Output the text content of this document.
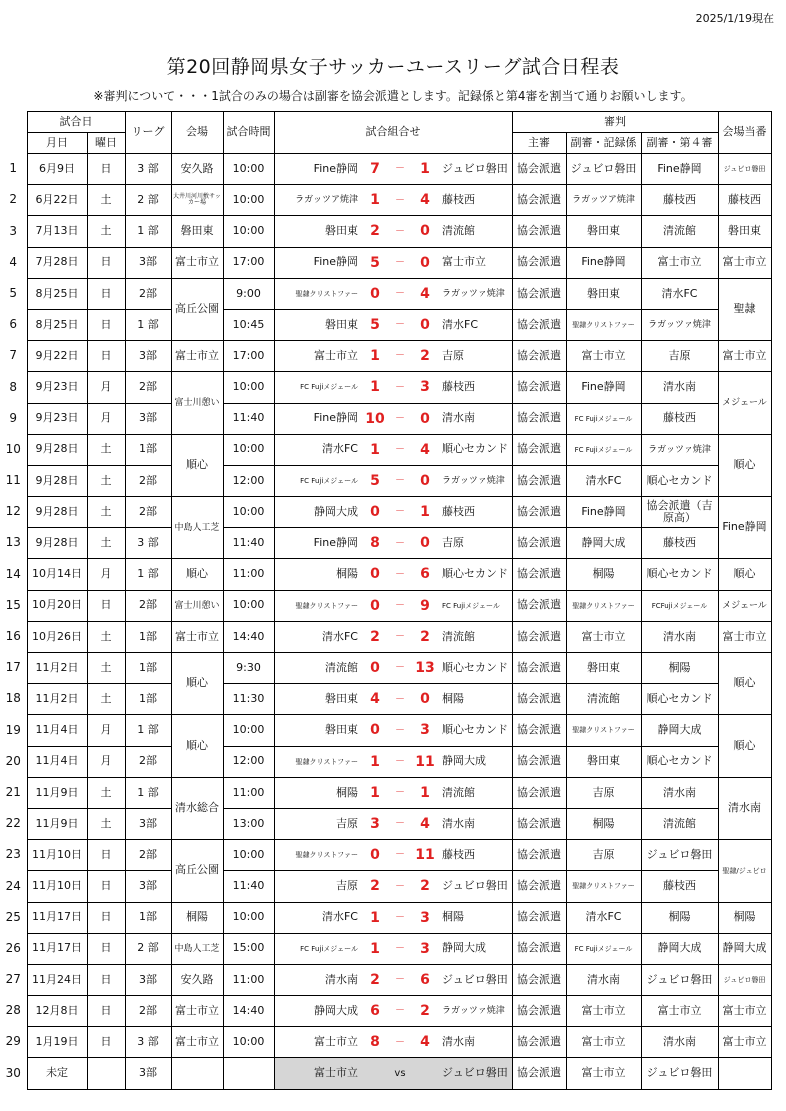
2025/1/19現在
第20回静岡県女子サッカーユースリーグ試合日程表
※審判について・・・1試合のみの場合は副審を協会派遣とします。記録係と第4審を割当て通りお願いします。
	試合日		リーグ	会場	試合時間	試合組合せ					審判			会場当番
	月日	曜日									主審	副審・記録係	副審・第４審	
1	6月9日	日	3 部	安久路	10:00	Fine静岡	7	－	1	ジュビロ磐田	協会派遣	ジュビロ磐田	Fine静岡	ジュビロ磐田
2	6月22日	土	2 部	大井川河川敷サッカー場	10:00	ラガッツア焼津	1	－	4	藤枝西	協会派遣	ラガッツア焼津	藤枝西	藤枝西
3	7月13日	土	1 部	磐田東	10:00	磐田東	2	－	0	清流館	協会派遣	磐田東	清流館	磐田東
4	7月28日	日	3部	富士市立	17:00	Fine静岡	5	－	0	富士市立	協会派遣	Fine静岡	富士市立	富士市立
5	8月25日	日	2部	高丘公園	9:00	聖隷クリストファー	0	－	4	ラガッツァ焼津	協会派遣	磐田東	清水FC	聖隷
6	8月25日	日	1 部		10:45	磐田東	5	－	0	清水FC	協会派遣	聖隷クリストファー	ラガッツァ焼津	
7	9月22日	日	3部	富士市立	17:00	富士市立	1	－	2	吉原	協会派遣	富士市立	吉原	富士市立
8	9月23日	月	2部	富士川憩い	10:00	FC Fujiメジェール	1	－	3	藤枝西	協会派遣	Fine静岡	清水南	メジェール
9	9月23日	月	3部		11:40	Fine静岡	10	－	0	清水南	協会派遣	FC Fujiメジェール	藤枝西	
10	9月28日	土	1部	順心	10:00	清水FC	1	－	4	順心セカンド	協会派遣	FC Fujiメジェール	ラガッツァ焼津	順心
11	9月28日	土	2部		12:00	FC Fujiメジェール	5	－	0	ラガッツァ焼津	協会派遣	清水FC	順心セカンド	
12	9月28日	土	2部	中島人工芝	10:00	静岡大成	0	－	1	藤枝西	協会派遣	Fine静岡	協会派遣（吉原高）	Fine静岡
13	9月28日	土	3 部		11:40	Fine静岡	8	－	0	吉原	協会派遣	静岡大成	藤枝西	
14	10月14日	月	1 部	順心	11:00	桐陽	0	－	6	順心セカンド	協会派遣	桐陽	順心セカンド	順心
15	10月20日	日	2部	富士川憩い	10:00	聖隷クリストファー	0	－	9	FC Fujiメジェール	協会派遣	聖隷クリストファー	FCFujiメジェール	メジェール
16	10月26日	土	1部	富士市立	14:40	清水FC	2	－	2	清流館	協会派遣	富士市立	清水南	富士市立
17	11月2日	土	1部	順心	9:30	清流館	0	－	13	順心セカンド	協会派遣	磐田東	桐陽	順心
18	11月2日	土	1部		11:30	磐田東	4	－	0	桐陽	協会派遣	清流館	順心セカンド	
19	11月4日	月	1 部	順心	10:00	磐田東	0	－	3	順心セカンド	協会派遣	聖隷クリストファー	静岡大成	順心
20	11月4日	月	2部		12:00	聖隷クリストファー	1	－	11	静岡大成	協会派遣	磐田東	順心セカンド	
21	11月9日	土	1 部	清水総合	11:00	桐陽	1	－	1	清流館	協会派遣	吉原	清水南	清水南
22	11月9日	土	3部		13:00	吉原	3	－	4	清水南	協会派遣	桐陽	清流館	
23	11月10日	日	2部	高丘公園	10:00	聖隷クリストファー	0	－	11	藤枝西	協会派遣	吉原	ジュビロ磐田	聖隷/ジュビロ
24	11月10日	日	3部		11:40	吉原	2	－	2	ジュビロ磐田	協会派遣	聖隷クリストファー	藤枝西	
25	11月17日	日	1部	桐陽	10:00	清水FC	1	－	3	桐陽	協会派遣	清水FC	桐陽	桐陽
26	11月17日	日	2 部	中島人工芝	15:00	FC Fujiメジェール	1	－	3	静岡大成	協会派遣	FC Fujiメジェール	静岡大成	静岡大成
27	11月24日	日	3部	安久路	11:00	清水南	2	－	6	ジュビロ磐田	協会派遣	清水南	ジュビロ磐田	ジュビロ磐田
28	12月8日	日	2部	富士市立	14:40	静岡大成	6	－	2	ラガッツァ焼津	協会派遣	富士市立	富士市立	富士市立
29	1月19日	日	3 部	富士市立	10:00	富士市立	8	－	4	清水南	協会派遣	富士市立	清水南	富士市立
30	未定		3部			富士市立	vs			ジュビロ磐田	協会派遣	富士市立	ジュビロ磐田	
